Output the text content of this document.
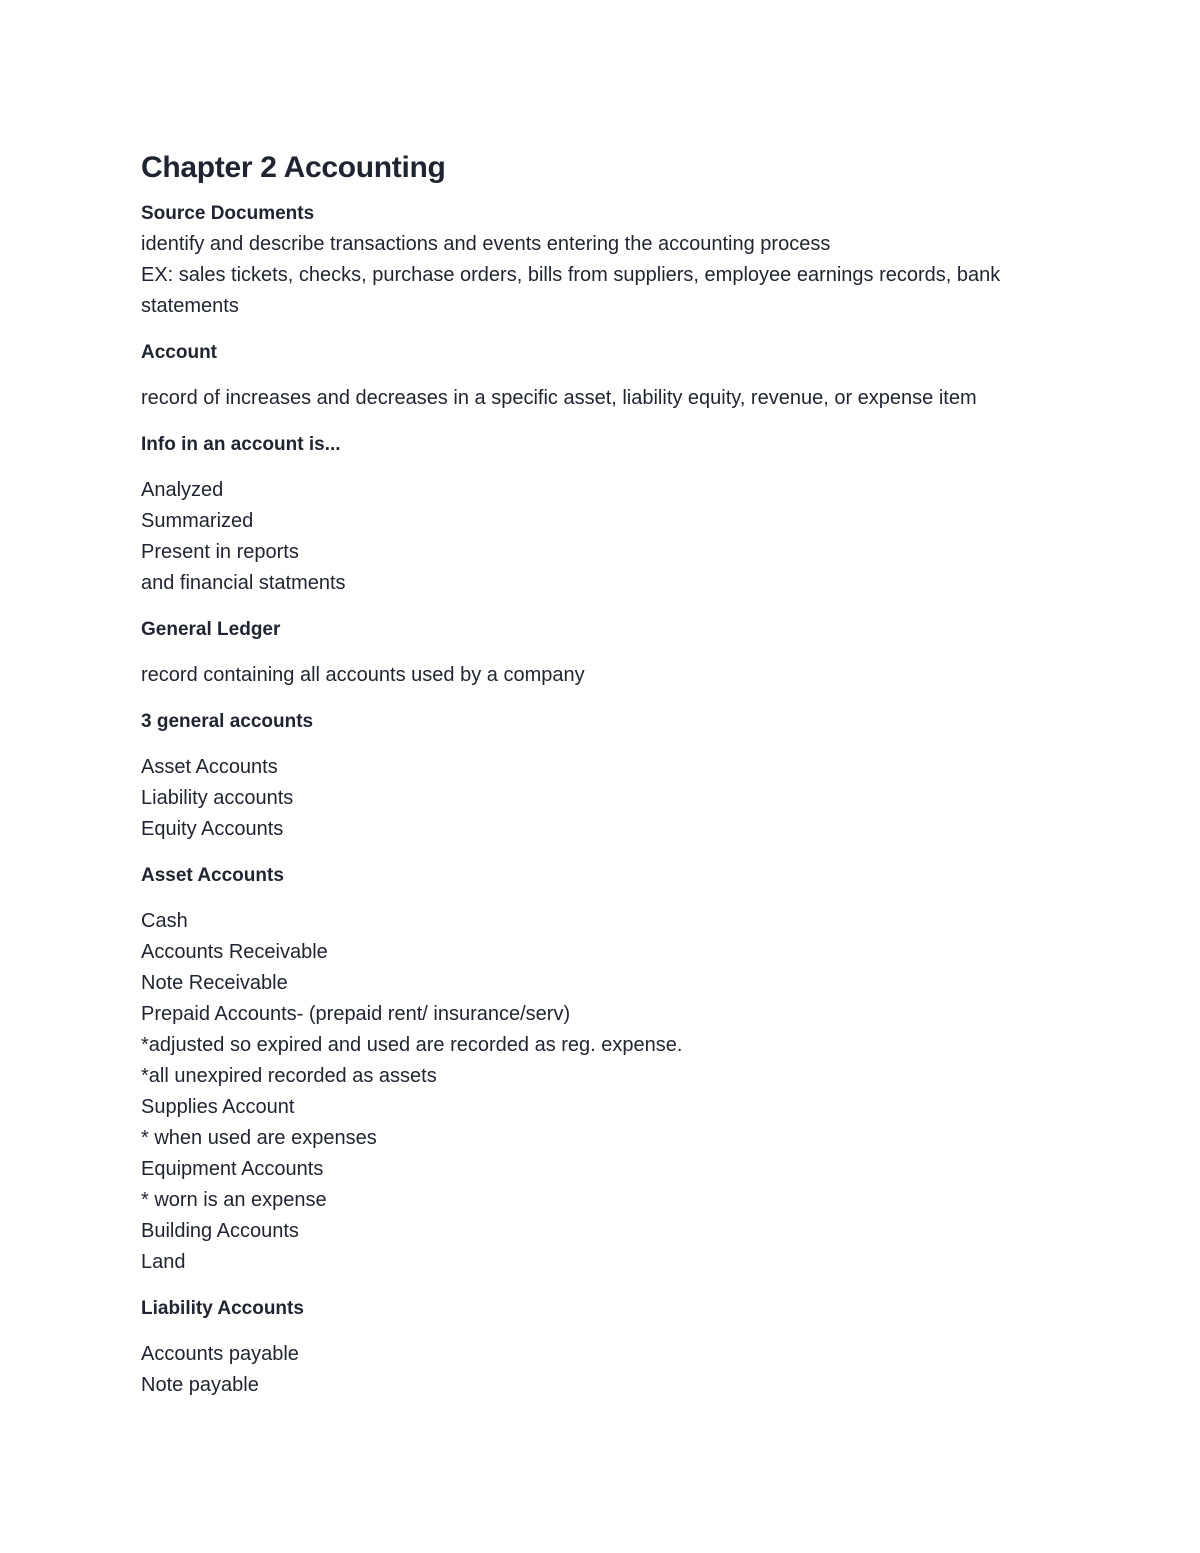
Chapter 2 Accounting
Source Documents
identify and describe transactions and events entering the accounting process
EX: sales tickets, checks, purchase orders, bills from suppliers, employee earnings records, bank
statements
Account
record of increases and decreases in a specific asset, liability equity, revenue, or expense item
Info in an account is...
Analyzed
Summarized
Present in reports
and financial statments
General Ledger
record containing all accounts used by a company
3 general accounts
Asset Accounts
Liability accounts
Equity Accounts
Asset Accounts
Cash
Accounts Receivable
Note Receivable
Prepaid Accounts- (prepaid rent/ insurance/serv)
*adjusted so expired and used are recorded as reg. expense.
*all unexpired recorded as assets
Supplies Account
* when used are expenses
Equipment Accounts
* worn is an expense
Building Accounts
Land
Liability Accounts
Accounts payable
Note payable
